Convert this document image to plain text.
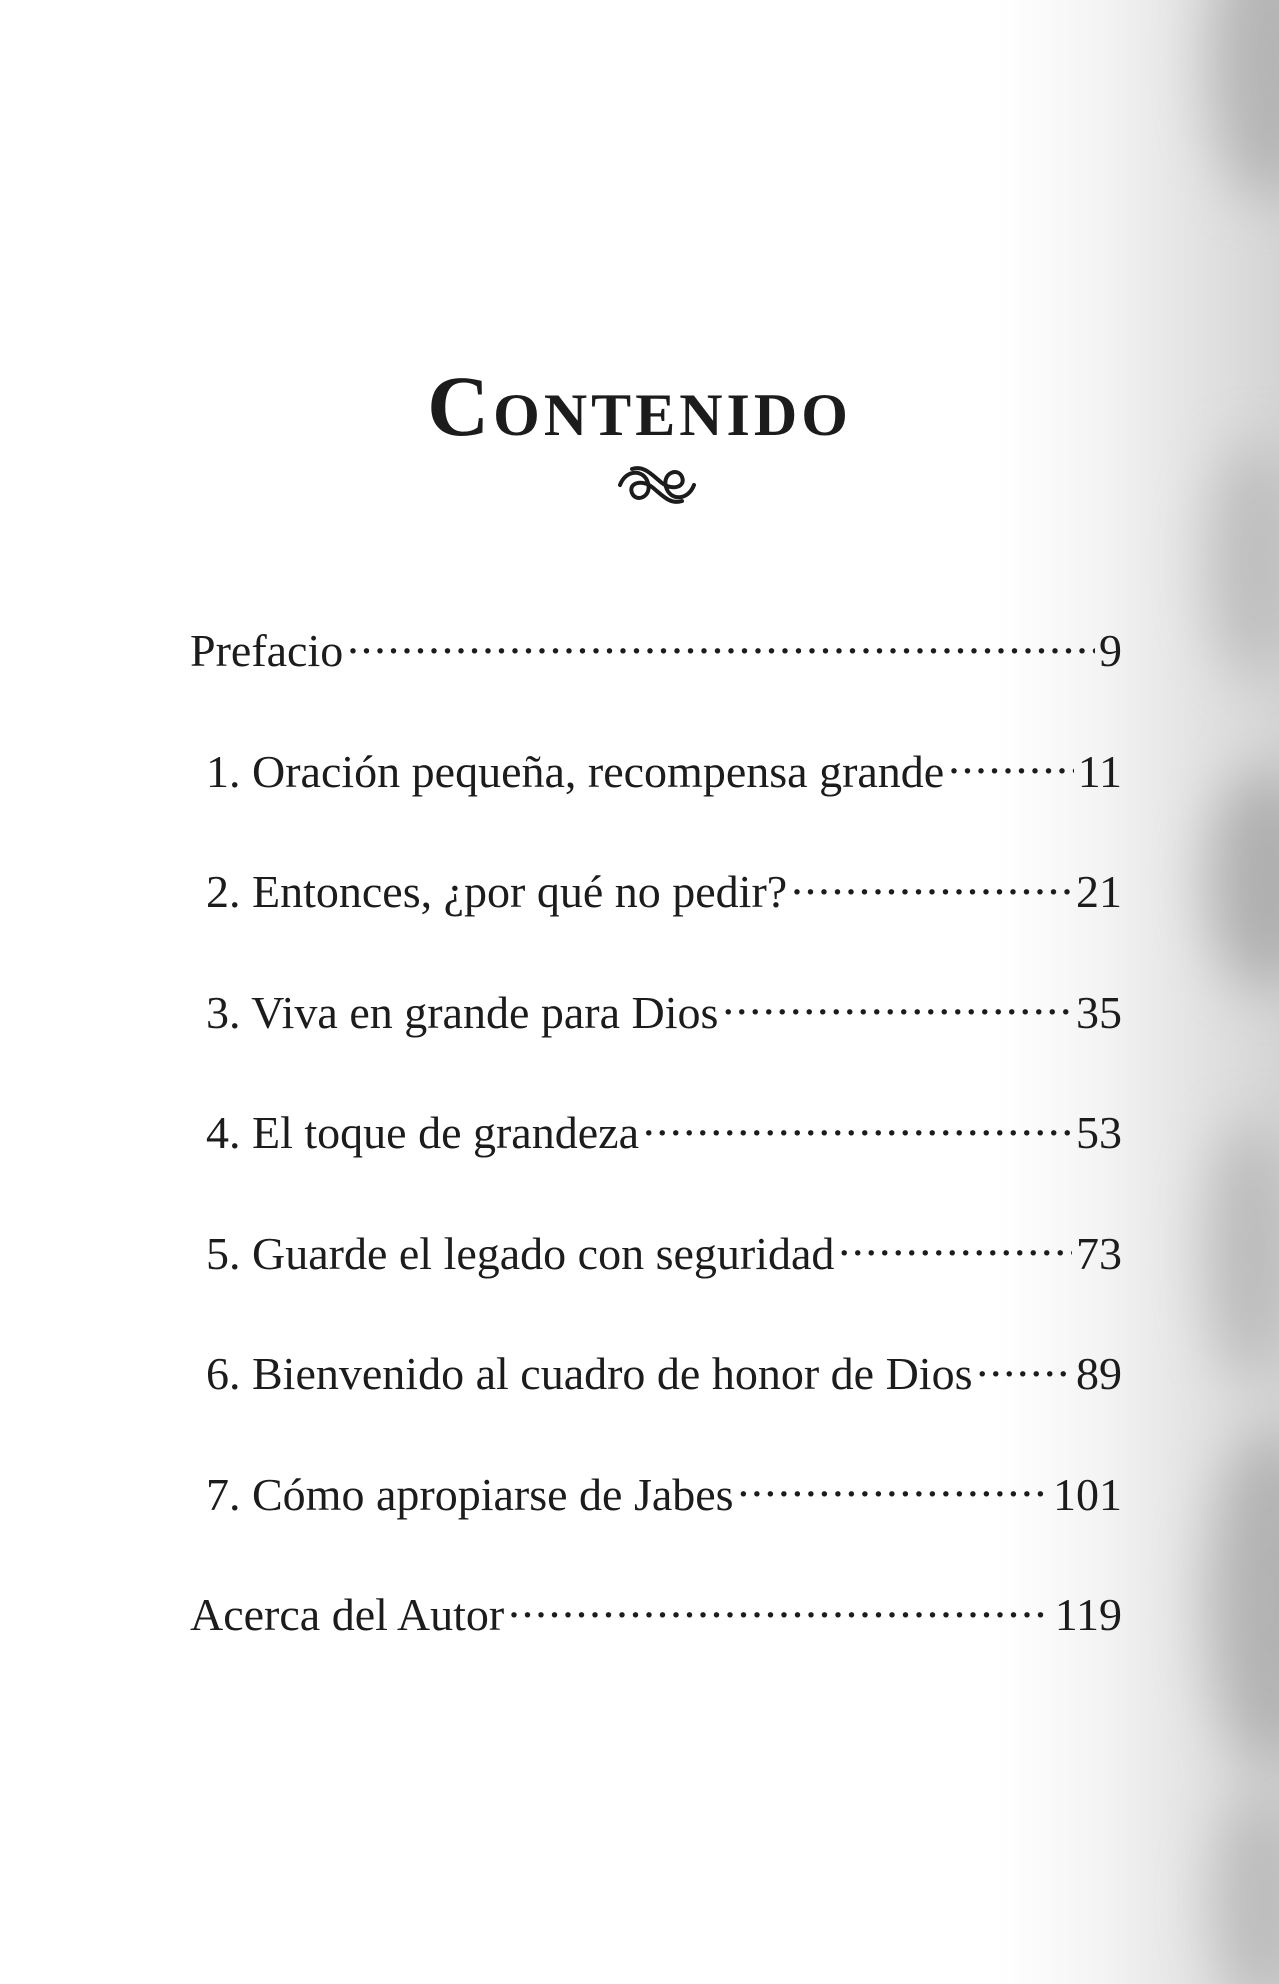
Contenido
Prefacio .....	9
1. Oración pequeña, recompensa grande .....	11
2. Entonces, ¿por qué no pedir? .....	21
3. Viva en grande para Dios .....	35
4. El toque de grandeza .....	53
5. Guarde el legado con seguridad .....	73
6. Bienvenido al cuadro de honor de Dios ..... 89
7. Cómo apropiarse de Jabes .....	101
Acerca del Autor .....	119
